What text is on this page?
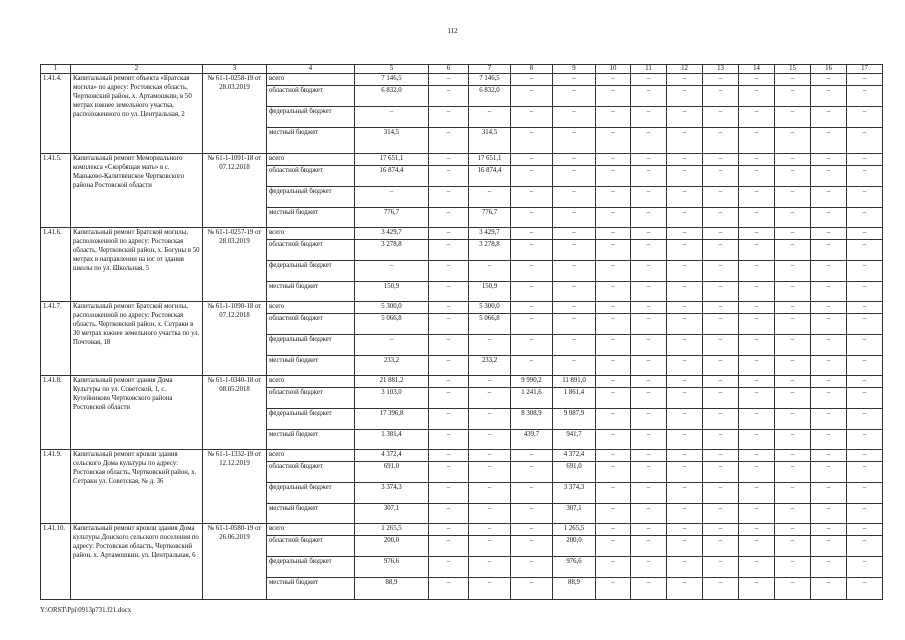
112
1	2	3	4	5	6	7	8	9	10	11	12	13	14	15	16	17
1.41.4.	Капитальный ремонт объекта «Братская могила» по адресу: Ростовская область, Чертковский район, х. Артамошкин, в 50 метрах южнее земельного участка, расположенного по ул. Центральная, 2	№ 61-1-0258-19 от 28.03.2019	всего	7 146,5	–	7 146,5	–	–	–	–	–	–	–	–	–	–
			областной бюджет	6 832,0	–	6 832,0	–	–	–	–	–	–	–	–	–	–
			федеральный бюджет	–	–	–	–	–	–	–	–	–	–	–	–	–
			местный бюджет	314,5	–	314,5	–	–	–	–	–	–	–	–	–	–
1.41.5.	Капитальный ремонт Мемориального комплекса «Скорбящая мать» в с. Маньково-Калитвенское Чертковского района Ростовской области	№ 61-1-1091-18 от 07.12.2018	всего	17 651,1	–	17 651,1	–	–	–	–	–	–	–	–	–	–
			областной бюджет	16 874,4	–	16 874,4	–	–	–	–	–	–	–	–	–	–
			федеральный бюджет	–	–	–	–	–	–	–	–	–	–	–	–	–
			местный бюджет	776,7	–	776,7	–	–	–	–	–	–	–	–	–	–
1.41.6.	Капитальный ремонт Братской могилы, расположенной по адресу: Ростовская область, Чертковский район, х. Богуны в 50 метрах в направлении на юг от здания школы по ул. Школьная, 5	№ 61-1-0257-19 от 28.03.2019	всего	3 429,7	–	3 429,7	–	–	–	–	–	–	–	–	–	–
			областной бюджет	3 278,8	–	3 278,8	–	–	–	–	–	–	–	–	–	–
			федеральный бюджет	–	–	–	–	–	–	–	–	–	–	–	–	–
			местный бюджет	150,9	–	150,9	–	–	–	–	–	–	–	–	–	–
1.41.7.	Капитальный ремонт Братской могилы, расположенной по адресу: Ростовская область, Чертковский район, х. Сетраки в 30 метрах южнее земельного участка по ул. Почтовая, 18	№ 61-1-1090-18 от 07.12.2018	всего	5 300,0	–	5 300,0	–	–	–	–	–	–	–	–	–	–
			областной бюджет	5 066,8	–	5 066,8	–	–	–	–	–	–	–	–	–	–
			федеральный бюджет	–	–	–	–	–	–	–	–	–	–	–	–	–
			местный бюджет	233,2	–	233,2	–	–	–	–	–	–	–	–	–	–
1.41.8.	Капитальный ремонт здания Дома Культуры по ул. Советской, 1, с. Кутейниково Чертковского района Ростовской области	№ 61-1-0340-18 от 08.05.2018	всего	21 881,2	–	–	9 990,2	11 891,0	–	–	–	–	–	–	–	–
			областной бюджет	3 103,0	–	–	1 241,6	1 861,4	–	–	–	–	–	–	–	–
			федеральный бюджет	17 396,8	–	–	8 308,9	9 087,9	–	–	–	–	–	–	–	–
			местный бюджет	1 381,4	–	–	439,7	941,7	–	–	–	–	–	–	–	–
1.41.9.	Капитальный ремонт кровли здания сельского Дома культуры по адресу: Ростовская область, Чертковский район, х. Сетраки ул. Советская, № д. 36	№ 61-1-1332-19 от 12.12.2019	всего	4 372,4	–	–	–	4 372,4	–	–	–	–	–	–	–	–
			областной бюджет	691,0	–	–	–	691,0	–	–	–	–	–	–	–	–
			федеральный бюджет	3 374,3	–	–	–	3 374,3	–	–	–	–	–	–	–	–
			местный бюджет	307,1	–	–	–	307,1	–	–	–	–	–	–	–	–
1.41.10.	Капитальный ремонт кровли здания Дома культуры Донского сельского поселения по адресу: Ростовская область, Чертковский район, х. Артамошкин, ул. Центральная, 6	№ 61-1-0580-19 от 26.06.2019	всего	1 265,5	–	–	–	1 265,5	–	–	–	–	–	–	–	–
			областной бюджет	200,0	–	–	–	200,0	–	–	–	–	–	–	–	–
			федеральный бюджет	976,6	–	–	–	976,6	–	–	–	–	–	–	–	–
			местный бюджет	88,9	–	–	–	88,9	–	–	–	–	–	–	–	–
Y:\ORST\Ppi\0913p731.f21.docx
